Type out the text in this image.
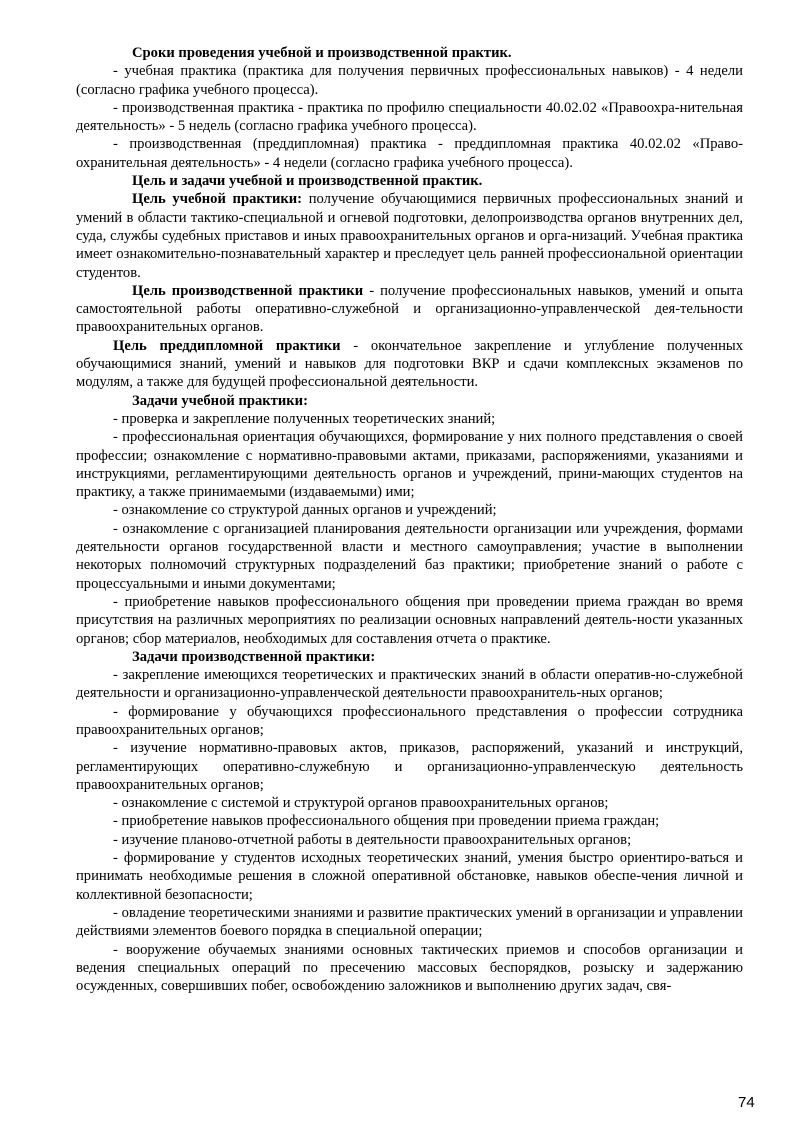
Сроки проведения учебной и производственной практик.

- учебная практика (практика для получения первичных профессиональных навыков) - 4 недели (согласно графика учебного процесса).

- производственная практика - практика по профилю специальности 40.02.02 «Правоохра-нительная деятельность» - 5 недель (согласно графика учебного процесса).

- производственная (преддипломная) практика - преддипломная практика 40.02.02 «Право-охранительная деятельность» - 4 недели (согласно графика учебного процесса).

Цель и задачи учебной и производственной практик.

Цель учебной практики: получение обучающимися первичных профессиональных знаний и умений в области тактико-специальной и огневой подготовки, делопроизводства органов внутренних дел, суда, службы судебных приставов и иных правоохранительных органов и орга-низаций. Учебная практика имеет ознакомительно-познавательный характер и преследует цель ранней профессиональной ориентации студентов.

Цель производственной практики - получение профессиональных навыков, умений и опыта самостоятельной работы оперативно-служебной и организационно-управленческой дея-тельности правоохранительных органов.

Цель преддипломной практики - окончательное закрепление и углубление полученных обучающимися знаний, умений и навыков для подготовки ВКР и сдачи комплексных экзаменов по модулям, а также для будущей профессиональной деятельности.

Задачи учебной практики:

- проверка и закрепление полученных теоретических знаний;

- профессиональная ориентация обучающихся, формирование у них полного представления о своей профессии; ознакомление с нормативно-правовыми актами, приказами, распоряжениями, указаниями и инструкциями, регламентирующими деятельность органов и учреждений, прини-мающих студентов на практику, а также принимаемыми (издаваемыми) ими;

- ознакомление со структурой данных органов и учреждений;

- ознакомление с организацией планирования деятельности организации или учреждения, формами деятельности органов государственной власти и местного самоуправления; участие в выполнении некоторых полномочий структурных подразделений баз практики; приобретение знаний о работе с процессуальными и иными документами;

- приобретение навыков профессионального общения при проведении приема граждан во время присутствия на различных мероприятиях по реализации основных направлений деятель-ности указанных органов; сбор материалов, необходимых для составления отчета о практике.

Задачи производственной практики:

- закрепление имеющихся теоретических и практических знаний в области оператив-но-служебной деятельности и организационно-управленческой деятельности правоохранитель-ных органов;

- формирование у обучающихся профессионального представления о профессии сотрудника правоохранительных органов;

- изучение нормативно-правовых актов, приказов, распоряжений, указаний и инструкций, регламентирующих оперативно-служебную и организационно-управленческую деятельность правоохранительных органов;

- ознакомление с системой и структурой органов правоохранительных органов;

- приобретение навыков профессионального общения при проведении приема граждан;

- изучение планово-отчетной работы в деятельности правоохранительных органов;

- формирование у студентов исходных теоретических знаний, умения быстро ориентиро-ваться и принимать необходимые решения в сложной оперативной обстановке, навыков обеспе-чения личной и коллективной безопасности;

- овладение теоретическими знаниями и развитие практических умений в организации и управлении действиями элементов боевого порядка в специальной операции;

- вооружение обучаемых знаниями основных тактических приемов и способов организации и ведения специальных операций по пресечению массовых беспорядков, розыску и задержанию осужденных, совершивших побег, освобождению заложников и выполнению других задач, свя-

74
